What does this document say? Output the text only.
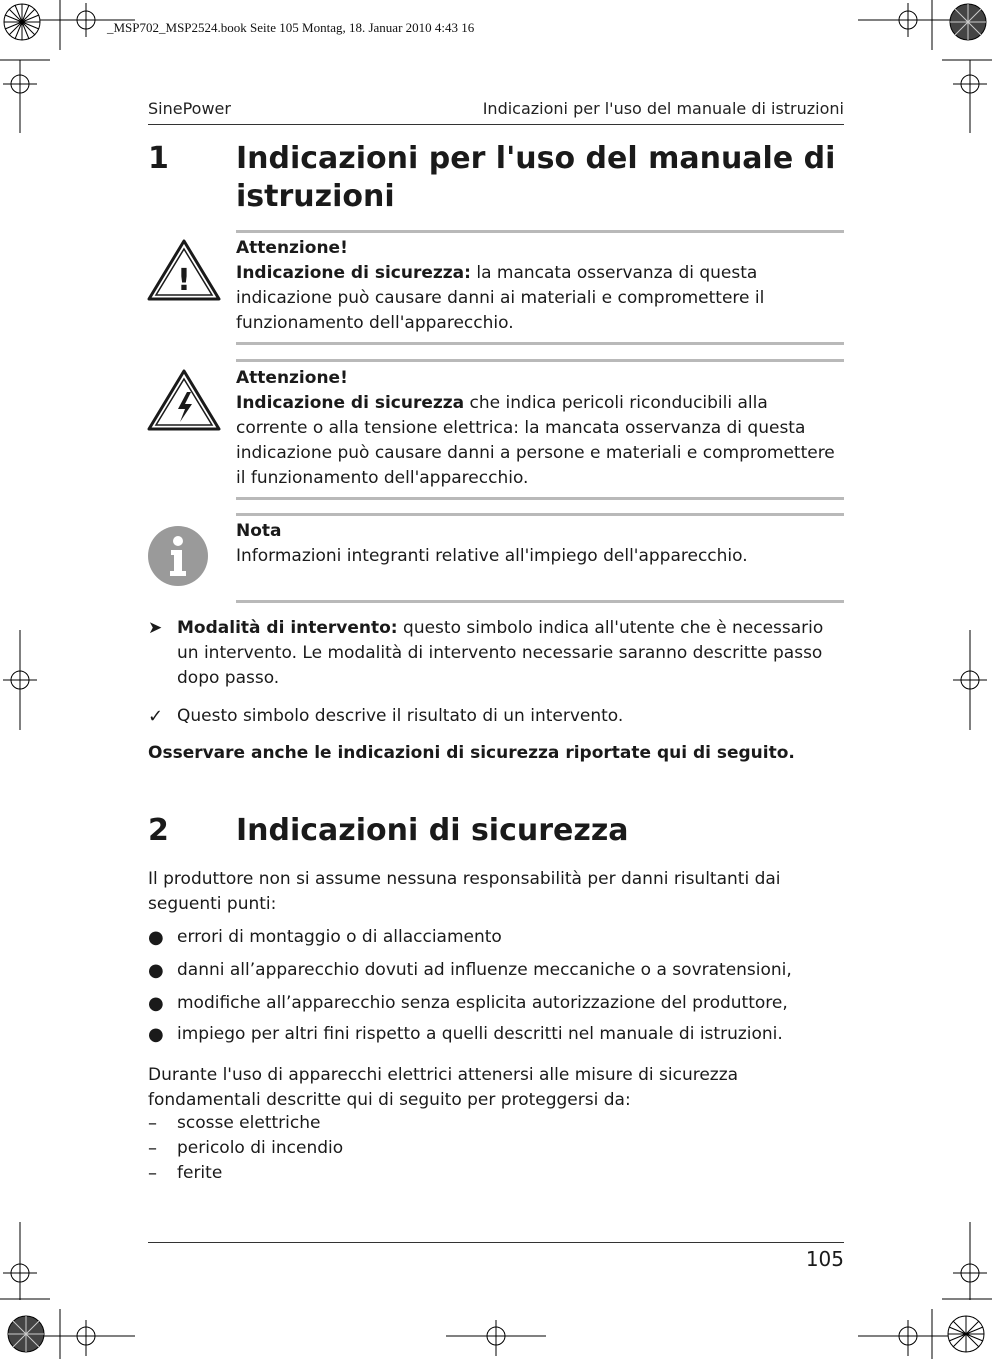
_MSP702_MSP2524.book Seite 105 Montag, 18. Januar 2010 4:43 16
SinePower	Indicazioni per l'uso del manuale di istruzioni
1 Indicazioni per l'uso del manuale di istruzioni
!
Attenzione!
Indicazione di sicurezza: la mancata osservanza di questa indicazione può causare danni ai materiali e compromettere il funzionamento dell'apparecchio.
Attenzione!
Indicazione di sicurezza che indica pericoli riconducibili alla corrente o alla tensione elettrica: la mancata osservanza di questa indicazione può causare danni a persone e materiali e compromettere il funzionamento dell'apparecchio.
Nota
Informazioni integranti relative all'impiego dell'apparecchio.
➤ Modalità di intervento: questo simbolo indica all'utente che è necessario un intervento. Le modalità di intervento necessarie saranno descritte passo dopo passo.
✓ Questo simbolo descrive il risultato di un intervento.
Osservare anche le indicazioni di sicurezza riportate qui di seguito.
2 Indicazioni di sicurezza
Il produttore non si assume nessuna responsabilità per danni risultanti dai seguenti punti:
● errori di montaggio o di allacciamento
● danni all’apparecchio dovuti ad influenze meccaniche o a sovratensioni,
● modifiche all’apparecchio senza esplicita autorizzazione del produttore,
● impiego per altri fini rispetto a quelli descritti nel manuale di istruzioni.
Durante l'uso di apparecchi elettrici attenersi alle misure di sicurezza fondamentali descritte qui di seguito per proteggersi da:
– scosse elettriche
– pericolo di incendio
– ferite
105
